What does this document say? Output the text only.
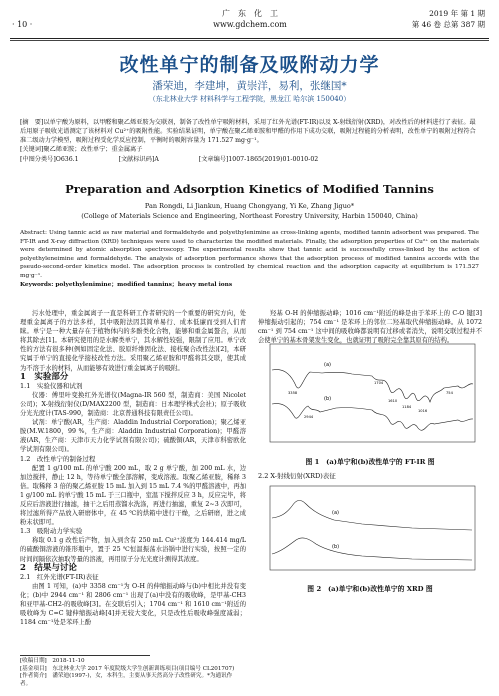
· 10 ·
广　东　化　工
www.gdchem.com
2019 年 第 1 期
第 46 卷 总第 387 期
改性单宁的制备及吸附动力学
潘荣迪，李建坤，黄崇洋，易利，张继国*
（东北林业大学 材料科学与工程学院，黑龙江 哈尔滨 150040）

[摘　要]以单宁酸为原料，以甲醛和聚乙烯亚胺为交联剂，制备了改性单宁吸附材料，采用了红外光谱(FT-IR)以及 X-射线衍射(XRD)，对改性后的材料进行了表征。最后用原子吸收光谱测定了该材料对 Cu²⁺的吸附性能。实验结果证明，单宁酸在聚乙烯亚胺和甲醛的作用下成功交联，吸附过程能的分析表明，改性单宁的吸附过程符合准二级动力学模型，吸附过程受化学反应控制，平衡时的吸附容量为 171.527 mg·g⁻¹。

[关键词]聚乙烯亚胺；改性单宁；重金属离子

[中图分类号]O636.1	[文献标识码]A	[文章编号]1007-1865(2019)01-0010-02
Preparation and Adsorption Kinetics of Modified Tannins
Pan Rongdi, Li Jiankun, Huang Chongyang, Yi Ke, Zhang Jiguo*
(College of Materials Science and Engineering, Northeast Forestry University, Harbin 150040, China)

Abstract: Using tannic acid as raw material and formaldehyde and polyethylenimine as cross-linking agents, modified tannin adsorbent was prepared. The FT-IR and X-ray diffraction (XRD) techniques were used to characterize the modified materials. Finally, the adsorption properties of Cu²⁺ on the materials were determined by atomic absorption spectroscopy. The experimental results show that tannic acid is successfully cross-linked by the action of polyethyleneimine and formaldehyde. The analysis of adsorption performance shows that the adsorption process of modified tannins accords with the pseudo-second-order kinetics model. The adsorption process is controlled by chemical reaction and the adsorption capacity at equilibrium is 171.527 mg·g⁻¹.

Keywords: polyethylenimine；modified tannins；heavy metal ions

污水处理中，重金属离子一直是科研工作者研究的一个重要的研究方向，处理重金属离子的方法多样，其中吸附法因其简单易行、成本低廉而受到人们青睐。单宁是一种大量存在于植物体内的多酚类化合物，能够和重金属螯合，从而将其除去[1]。本研究使用的是水解类单宁，其水解性较强，限制了应用。单宁改性的方法有很多种(例如固定化法、胶原纤维固化法、接枝聚合改性法)[2]，本研究属于单宁的直接化学接枝改性方法。采用聚乙烯亚胺和甲醛将其交联，使其成为不溶于水的材料，从而能够有效进行重金属离子的吸附。

1　实验部分

1.1　实验仪器和试剂

仪器：傅里叶变换红外光谱仪(Magna-IR 560 型，制造商：美国 Nicolet 公司)；X-射线衍射仪(D/MAX2200 型，制造商：日本理学株式会社)；原子吸收分光光度计(TAS-990，制造商：北京普通科技有限责任公司)。

试剂：单宁酸(AR，生产商：Aladdin Industrial Corporation)；聚乙烯亚胺(M.W.1800，99 %，生产商：Aladdin Industrial Corporation)；甲醛溶液(AR，生产商：天津市天力化学试剂有限公司)；硫酸铜(AR，天津市科密欧化学试剂有限公司)。

1.2　改性单宁的制备过程

配置 1 g/100 mL 的单宁酸 200 mL，取 2 g 单宁酸，加 200 mL 水，边加边搅拌，静止 12 h，等待单宁酸全部溶解，变成溶液。取聚乙烯亚胺，稀释 3 倍。取稀释 3 倍的聚乙烯亚胺 15 mL 加入到 15 mL 7.4 %的甲醛溶液中，再加 1 g/100 mL 的单宁酸 15 mL 于三口瓶中，室温下搅拌反应 3 h，反应完毕，将反应后溶液进行抽滤，抽干之后用蒸馏水洗涤，再进行抽滤，重复 2~3 次即可，将过滤所得产品放入研磨体中，在 45 ℃的烘箱中进行干燥，之后研磨，进之成粉末状即可。

1.3　吸附动力学实验

称取 0.1 g 改性后产物，加入到含有 250 mL Cu²⁺浓度为 144.414 mg/L 的硫酸铜溶液的锥形瓶中，置于 25 ℃恒温振荡水浴锅中进行实验，按照一定的时间间隔依次抽取等量的溶液，再用原子分光光度计测得其浓度。

2　结果与讨论

2.1　红外光谱(FT-IR)表征

由图 1 可知，(a)中 3358 cm⁻¹为 O-H 的伸缩振动峰与(b)中相比并没有变化；(b)中 2944 cm⁻¹ 和 2806 cm⁻¹ 出现了(a)中没有的吸收峰，是甲基-CH3 和亚甲基-CH2-的吸收峰[3]。在交联后引入；1704 cm⁻¹ 和 1610 cm⁻¹附近的吸收峰为 C=C 键伸缩振动峰[4]并无较大变化，只是改性后吸收峰强度减弱；1184 cm⁻¹处是苯环上酚

羟基 O-H 的伸缩振动峰；1016 cm⁻¹附近的峰是由于苯环上的 C-O 键[3]伸缩振动引起的；754 cm⁻¹ 是苯环上的邻位二羟基取代伸缩振动峰。从 1072 cm⁻¹ 到 754 cm⁻¹ 这中间的吸收峰都说明有过移或者消失，说明交联过程并不会使单宁的基本骨架发生变化，也就证明了吸附完全靠其原有的结构。

(a)
(b)
3358
2944
1704
1610
1184
1016
754
图 1　(a)单宁和(b)改性单宁的 FT-IR 图

2.2 X-射线衍射(XRD)表征

(a)
(b)
图 2　(a)单宁和(b)改性单宁的 XRD 图

[收稿日期]　2018-11-10

[基金项目]　东北林业大学 2017 年度院级大学生创新训练项目(项目编号 CL201707)

[作者简介]　潘荣迪(1997-)，女，本科生，主要从事天然高分子改性研究。*为通讯作者。
